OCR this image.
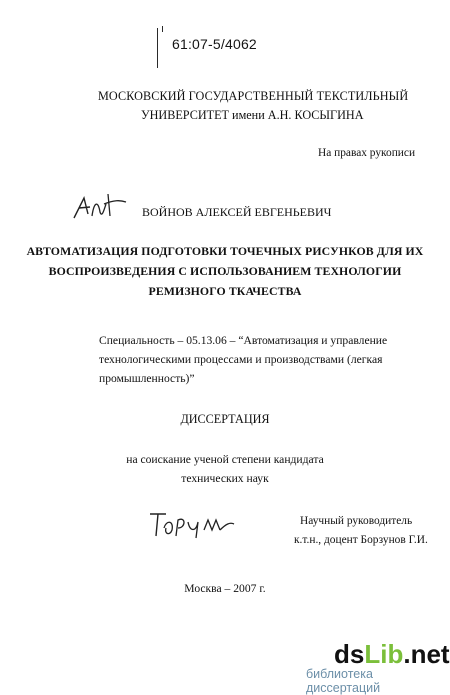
61:07-5/4062
МОСКОВСКИЙ ГОСУДАРСТВЕННЫЙ ТЕКСТИЛЬНЫЙ
УНИВЕРСИТЕТ имени А.Н. КОСЫГИНА
На правах рукописи
ВОЙНОВ АЛЕКСЕЙ ЕВГЕНЬЕВИЧ
АВТОМАТИЗАЦИЯ ПОДГОТОВКИ ТОЧЕЧНЫХ РИСУНКОВ ДЛЯ ИХ
ВОСПРОИЗВЕДЕНИЯ С ИСПОЛЬЗОВАНИЕМ ТЕХНОЛОГИИ
РЕМИЗНОГО ТКАЧЕСТВА
Специальность – 05.13.06 – “Автоматизация и управление
технологическими процессами и производствами (легкая
промышленность)”
ДИССЕРТАЦИЯ
на соискание ученой степени кандидата
технических наук
Научный руководитель
к.т.н., доцент Борзунов Г.И.
Москва – 2007 г.
dsLib.net
библиотека диссертаций
